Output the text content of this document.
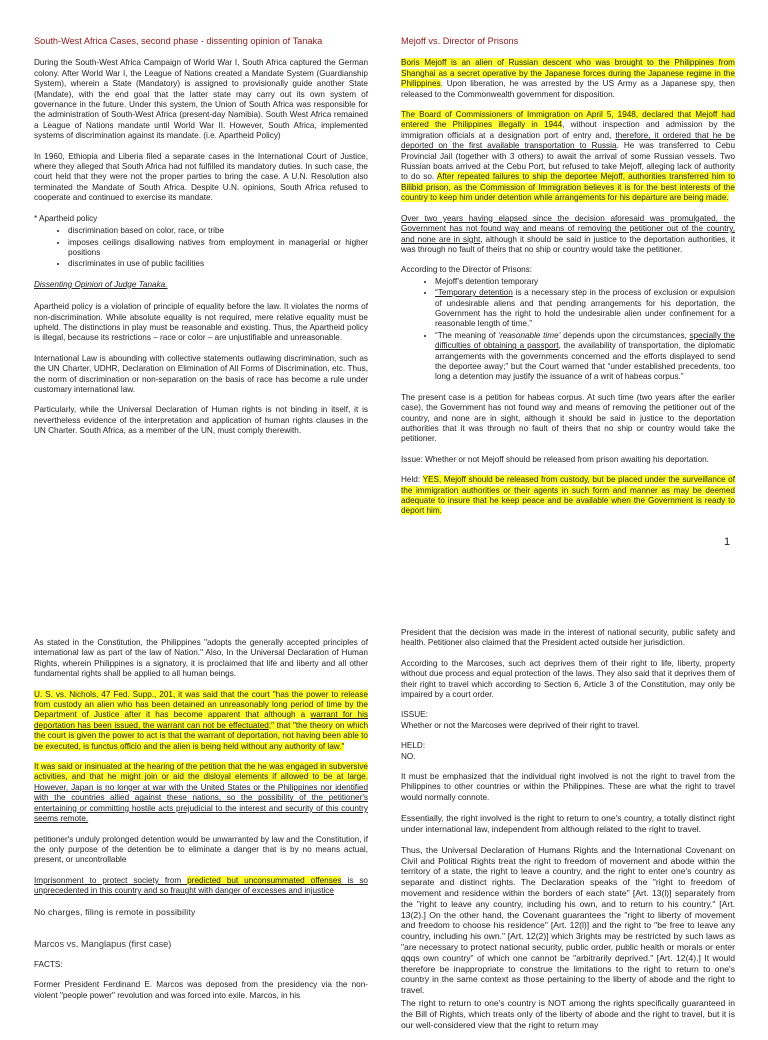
South-West Africa Cases, second phase - dissenting opinion of Tanaka

During the South-West Africa Campaign of World War I, South Africa captured the German colony. After World War I, the League of Nations created a Mandate System (Guardianship System), wherein a State (Mandatory) is assigned to provisionally guide another State (Mandate), with the end goal that the latter state may carry out its own system of governance in the future. Under this system, the Union of South Africa was responsible for the administration of South-West Africa (present-day Namibia). South West Africa remained a League of Nations mandate until World War II. However, South Africa, implemented systems of discrimination against its mandate. (i.e. Apartheid Policy)

In 1960, Ethiopia and Liberia filed a separate cases in the International Court of Justice, where they alleged that South Africa had not fulfilled its mandatory duties. In such case, the court held that they were not the proper parties to bring the case. A U.N. Resolution also terminated the Mandate of South Africa. Despite U.N. opinions, South Africa refused to cooperate and continued to exercise its mandate.

* Apartheid policy

• discrimination based on color, race, or tribe
• imposes ceilings disallowing natives from employment in managerial or higher positions
• discriminates in use of public facilities

Dissenting Opinion of Judge Tanaka.

Apartheid policy is a violation of principle of equality before the law. It violates the norms of non-discrimination. While absolute equality is not required, mere relative equality must be upheld. The distinctions in play must be reasonable and existing. Thus, the Apartheid policy is illegal, because its restrictions – race or color – are unjustifiable and unreasonable.

International Law is abounding with collective statements outlawing discrimination, such as the UN Charter, UDHR, Declaration on Elimination of All Forms of Discrimination, etc. Thus, the norm of discrimination or non-separation on the basis of race has become a rule under customary international law.

Particularly, while the Universal Declaration of Human rights is not binding in itself, it is nevertheless evidence of the interpretation and application of human rights clauses in the UN Charter. South Africa, as a member of the UN, must comply therewith.

Mejoff vs. Director of Prisons

Boris Mejoff is an alien of Russian descent who was brought to the Philippines from Shanghai as a secret operative by the Japanese forces during the Japanese regime in the Philippines. Upon liberation, he was arrested by the US Army as a Japanese spy, then released to the Commonwealth government for disposition.

The Board of Commissioners of Immigration on April 5, 1948, declared that Mejoff had entered the Philippines illegally in 1944, without inspection and admission by the immigration officials at a designation port of entry and, therefore, it ordered that he be deported on the first available transportation to Russia. He was transferred to Cebu Provincial Jail (together with 3 others) to await the arrival of some Russian vessels. Two Russian boats arrived at the Cebu Port, but refused to take Mejoff, alleging lack of authority to do so. After repeated failures to ship the deportee Mejoff, authorities transferred him to Bilibid prison, as the Commission of Immigration believes it is for the best interests of the country to keep him under detention while arrangements for his departure are being made.

Over two years having elapsed since the decision aforesaid was promulgated, the Government has not found way and means of removing the petitioner out of the country, and none are in sight, although it should be said in justice to the deportation authorities, it was through no fault of theirs that no ship or country would take the petitioner.

According to the Director of Prisons:

• Mejoff’s detention temporary
• “Temporary detention is a necessary step in the process of exclusion or expulsion of undesirable aliens and that pending arrangements for his deportation, the Government has the right to hold the undesirable alien under confinement for a reasonable length of time.”
• “The meaning of ‘reasonable time’ depends upon the circumstances, specially the difficulties of obtaining a passport, the availability of transportation, the diplomatic arrangements with the governments concerned and the efforts displayed to send the deportee away;” but the Court warned that “under established precedents, too long a detention may justify the issuance of a writ of habeas corpus.”

The present case is a petition for habeas corpus. At such time (two years after the earlier case), the Government has not found way and means of removing the petitioner out of the country, and none are in sight, although it should be said in justice to the deportation authorities that it was through no fault of theirs that no ship or country would take the petitioner.

Issue: Whether or not Mejoff should be released from prison awaiting his deportation.

Held: YES, Mejoff should be released from custody, but be placed under the surveillance of the immigration authorities or their agents in such form and manner as may be deemed adequate to insure that he keep peace and be available when the Government is ready to deport him.

1

As stated in the Constitution, the Philippines "adopts the generally accepted principles of international law as part of the law of Nation." Also, In the Universal Declaration of Human Rights, wherein Philippines is a signatory, it is proclaimed that life and liberty and all other fundamental rights shall be applied to all human beings.

U. S. vs. Nichols, 47 Fed. Supp., 201, it was said that the court "has the power to release from custody an alien who has been detained an unreasonably long period of time by the Department of Justice after it has become apparent that although a warrant for his deportation has been issued, the warrant can not be effectuated;" that "the theory on which the court is given the power to act is that the warrant of deportation, not having been able to be executed, is functus officio and the alien is being held without any authority of law."

It was said or insinuated at the hearing of the petition that the he was engaged in subversive activities, and that he might join or aid the disloyal elements if allowed to be at large. However, Japan is no longer at war with the United States or the Philippines nor identified with the countries allied against these nations, so the possibility of the petitioner's entertaining or committing hostile acts prejudicial to the interest and security of this country seems remote.

petitioner's unduly prolonged detention would be unwarranted by law and the Constitution, if the only purpose of the detention be to eliminate a danger that is by no means actual, present, or uncontrollable

Imprisonment to protect society from predicted but unconsummated offenses is so unprecedented in this country and so fraught with danger of excesses and injustice

No charges, filing is remote in possibility

Marcos vs. Manglapus (first case)

FACTS:

Former President Ferdinand E. Marcos was deposed from the presidency via the non-violent "people power" revolution and was forced into exile. Marcos, in his

President that the decision was made in the interest of national security, public safety and health. Petitioner also claimed that the President acted outside her jurisdiction.

According to the Marcoses, such act deprives them of their right to life, liberty, property without due process and equal protection of the laws. They also said that it deprives them of their right to travel which according to Section 6, Article 3 of the Constitution, may only be impaired by a court order.

ISSUE:

Whether or not the Marcoses were deprived of their right to travel.

HELD:

NO.

It must be emphasized that the individual right involved is not the right to travel from the Philippines to other countries or within the Philippines. These are what the right to travel would normally connote.

Essentially, the right involved is the right to return to one's country, a totally distinct right under international law, independent from although related to the right to travel.

Thus, the Universal Declaration of Humans Rights and the International Covenant on Civil and Political Rights treat the right to freedom of movement and abode within the territory of a state, the right to leave a country, and the right to enter one's country as separate and distinct rights. The Declaration speaks of the "right to freedom of movement and residence within the borders of each state" [Art. 13(l)] separately from the "right to leave any country, including his own, and to return to his country." [Art. 13(2).] On the other hand, the Covenant guarantees the "right to liberty of movement and freedom to choose his residence" [Art. 12(l)] and the right to "be free to leave any country, including his own." [Art. 12(2)] which 3rights may be restricted by such laws as "are necessary to protect national security, public order, public health or morals or enter qqqs own country" of which one cannot be "arbitrarily deprived." [Art. 12(4).] It would therefore be inappropriate to construe the limitations to the right to return to one's country in the same context as those pertaining to the liberty of abode and the right to travel.

The right to return to one's country is NOT among the rights specifically guaranteed in the Bill of Rights, which treats only of the liberty of abode and the right to travel, but it is our well-considered view that the right to return may
